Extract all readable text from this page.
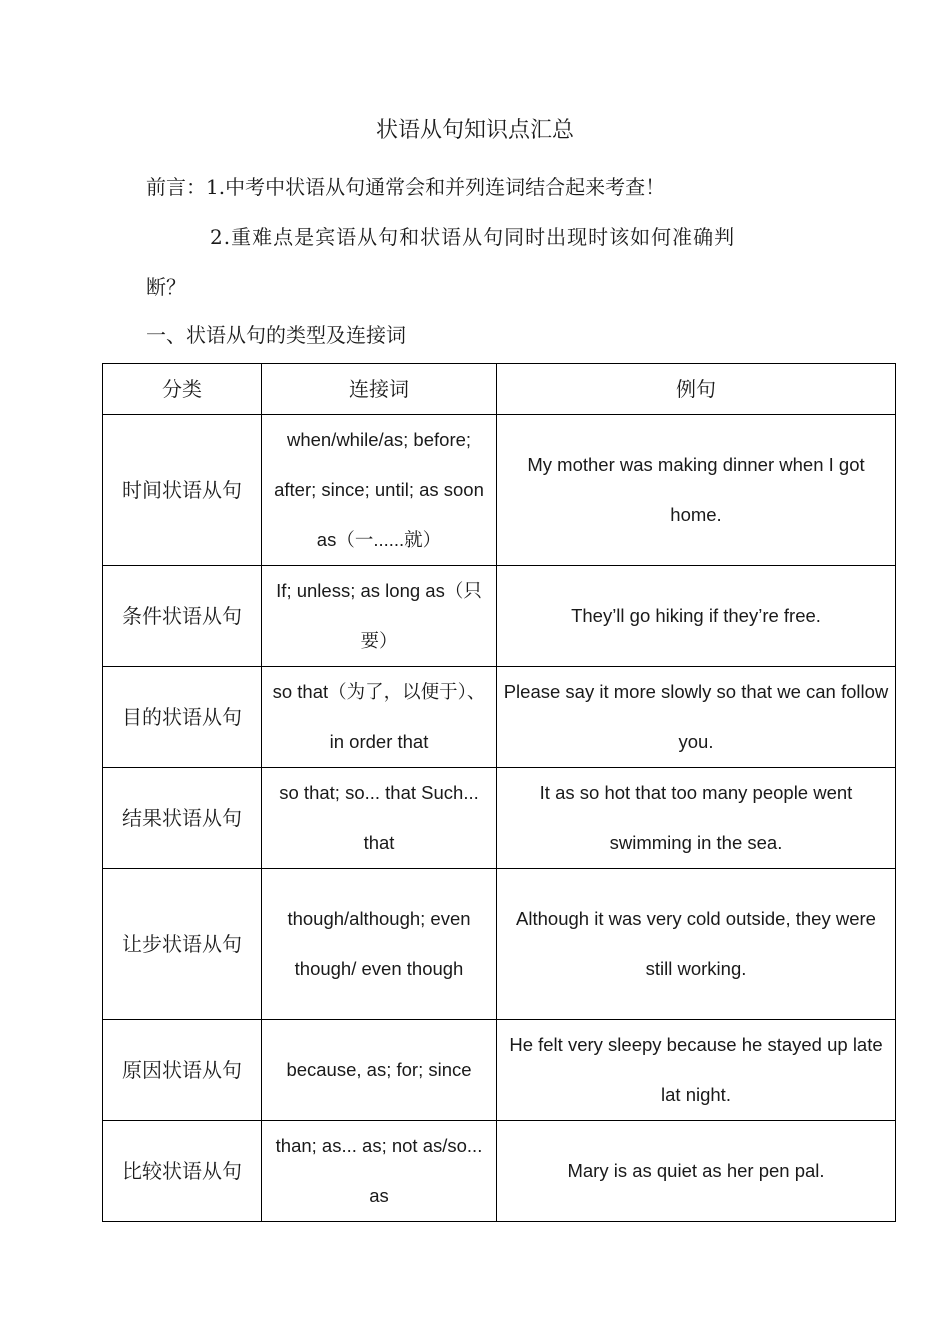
状语从句知识点汇总
前言：1.中考中状语从句通常会和并列连词结合起来考查！
2.重难点是宾语从句和状语从句同时出现时该如何准确判
断？
一、状语从句的类型及连接词
分类	连接词	例句
时间状语从句	when/while/as; before; after; since; until; as soon as（一......就）	My mother was making dinner when I got home.
条件状语从句	If; unless; as long as（只要）	They’ll go hiking if they’re free.
目的状语从句	so that（为了，以便于）、in order that	Please say it more slowly so that we can follow you.
结果状语从句	so that; so... that Such... that	It as so hot that too many people went swimming in the sea.
让步状语从句	though/although; even though/ even though	Although it was very cold outside, they were still working.
原因状语从句	because, as; for; since	He felt very sleepy because he stayed up late lat night.
比较状语从句	than; as... as; not as/so... as	Mary is as quiet as her pen pal.
